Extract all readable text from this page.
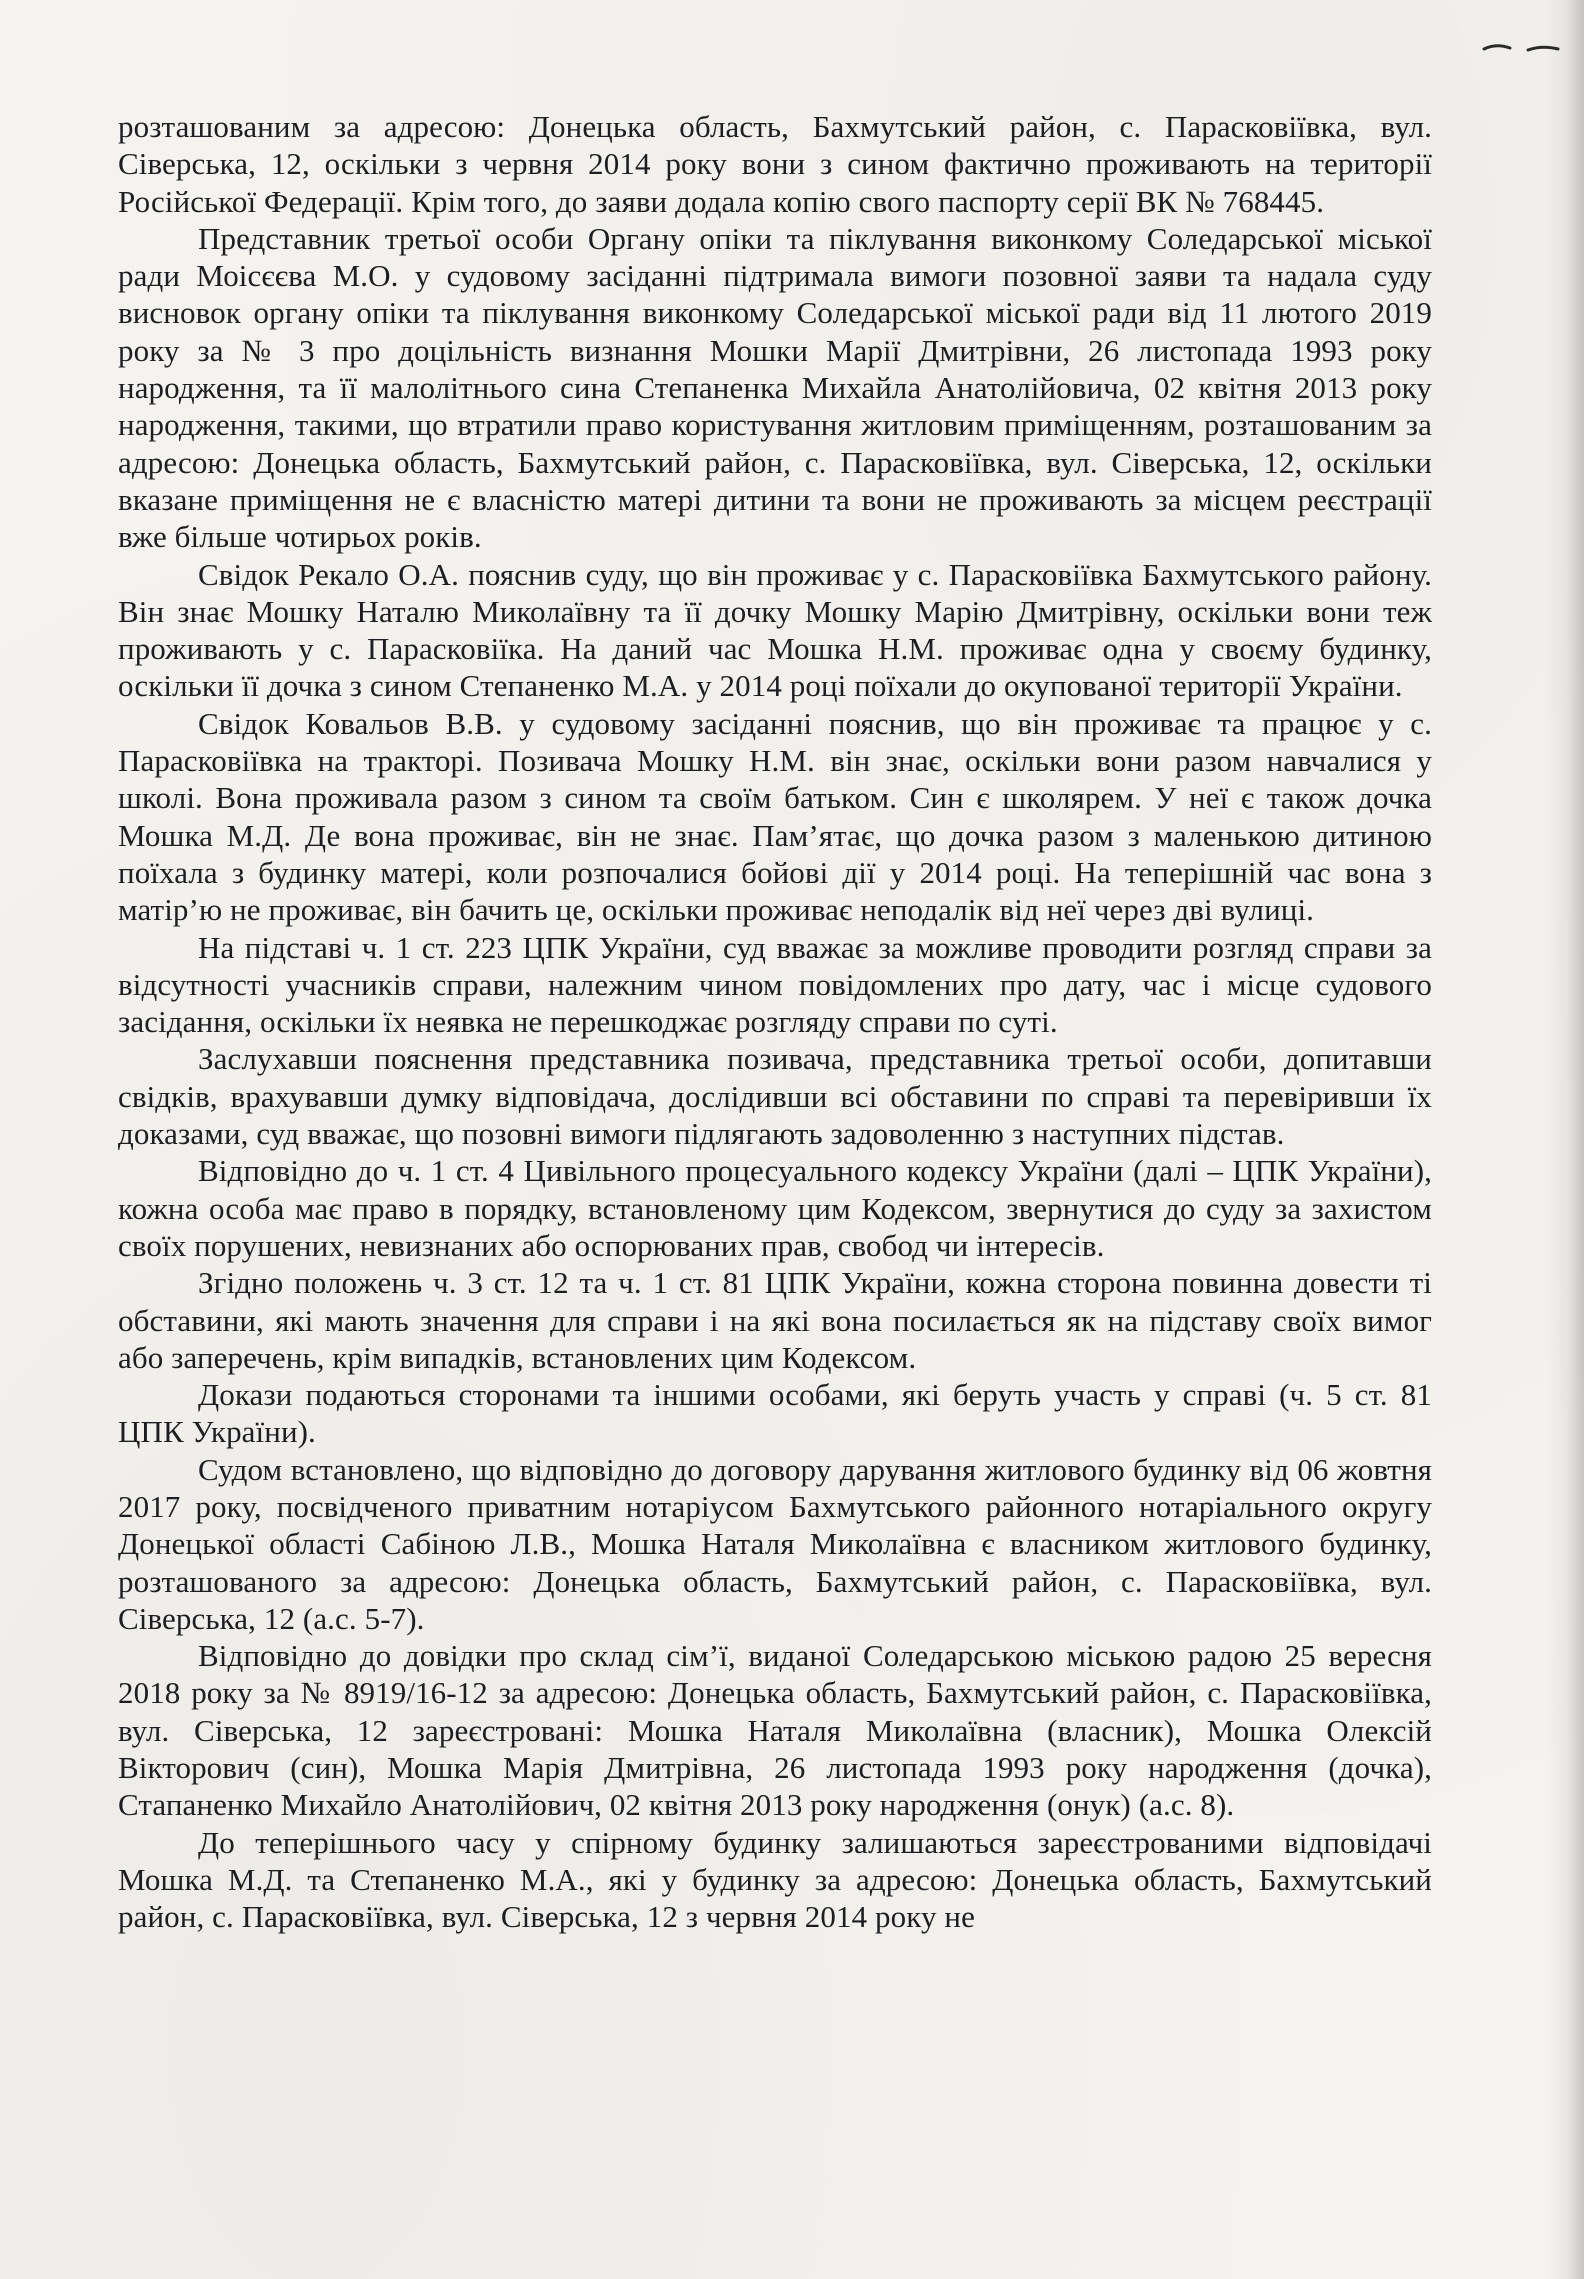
розташованим за адресою: Донецька область, Бахмутський район, с. Парасковіївка, вул. Сіверська, 12, оскільки з червня 2014 року вони з сином фактично проживають на території Російської Федерації. Крім того, до заяви додала копію свого паспорту серії ВК № 768445.

Представник третьої особи Органу опіки та піклування виконкому Соледарської міської ради Моісєєва М.О. у судовому засіданні підтримала вимоги позовної заяви та надала суду висновок органу опіки та піклування виконкому Соледарської міської ради від 11 лютого 2019 року за № 3 про доцільність визнання Мошки Марії Дмитрівни, 26 листопада 1993 року народження, та її малолітнього сина Степаненка Михайла Анатолійовича, 02 квітня 2013 року народження, такими, що втратили право користування житловим приміщенням, розташованим за адресою: Донецька область, Бахмутський район, с. Парасковіївка, вул. Сіверська, 12, оскільки вказане приміщення не є власністю матері дитини та вони не проживають за місцем реєстрації вже більше чотирьох років.

Свідок Рекало О.А. пояснив суду, що він проживає у с. Парасковіївка Бахмутського району. Він знає Мошку Наталю Миколаївну та її дочку Мошку Марію Дмитрівну, оскільки вони теж проживають у с. Парасковіїка. На даний час Мошка Н.М. проживає одна у своєму будинку, оскільки її дочка з сином Степаненко М.А. у 2014 році поїхали до окупованої території України.

Свідок Ковальов В.В. у судовому засіданні пояснив, що він проживає та працює у с. Парасковіївка на тракторі. Позивача Мошку Н.М. він знає, оскільки вони разом навчалися у школі. Вона проживала разом з сином та своїм батьком. Син є школярем. У неї є також дочка Мошка М.Д. Де вона проживає, він не знає. Пам’ятає, що дочка разом з маленькою дитиною поїхала з будинку матері, коли розпочалися бойові дії у 2014 році. На теперішній час вона з матір’ю не проживає, він бачить це, оскільки проживає неподалік від неї через дві вулиці.

На підставі ч. 1 ст. 223 ЦПК України, суд вважає за можливе проводити розгляд справи за відсутності учасників справи, належним чином повідомлених про дату, час і місце судового засідання, оскільки їх неявка не перешкоджає розгляду справи по суті.

Заслухавши пояснення представника позивача, представника третьої особи, допитавши свідків, врахувавши думку відповідача, дослідивши всі обставини по справі та перевіривши їх доказами, суд вважає, що позовні вимоги підлягають задоволенню з наступних підстав.

Відповідно до ч. 1 ст. 4 Цивільного процесуального кодексу України (далі – ЦПК України), кожна особа має право в порядку, встановленому цим Кодексом, звернутися до суду за захистом своїх порушених, невизнаних або оспорюваних прав, свобод чи інтересів.

Згідно положень ч. 3 ст. 12 та ч. 1 ст. 81 ЦПК України, кожна сторона повинна довести ті обставини, які мають значення для справи і на які вона посилається як на підставу своїх вимог або заперечень, крім випадків, встановлених цим Кодексом.

Докази подаються сторонами та іншими особами, які беруть участь у справі (ч. 5 ст. 81 ЦПК України).

Судом встановлено, що відповідно до договору дарування житлового будинку від 06 жовтня 2017 року, посвідченого приватним нотаріусом Бахмутського районного нотаріального округу Донецької області Сабіною Л.В., Мошка Наталя Миколаївна є власником житлового будинку, розташованого за адресою: Донецька область, Бахмутський район, с. Парасковіївка, вул. Сіверська, 12 (а.с. 5-7).

Відповідно до довідки про склад сім’ї, виданої Соледарською міською радою 25 вересня 2018 року за № 8919/16-12 за адресою: Донецька область, Бахмутський район, с. Парасковіївка, вул. Сіверська, 12 зареєстровані: Мошка Наталя Миколаївна (власник), Мошка Олексій Вікторович (син), Мошка Марія Дмитрівна, 26 листопада 1993 року народження (дочка), Стапаненко Михайло Анатолійович, 02 квітня 2013 року народження (онук) (а.с. 8).

До теперішнього часу у спірному будинку залишаються зареєстрованими відповідачі Мошка М.Д. та Степаненко М.А., які у будинку за адресою: Донецька область, Бахмутський район, с. Парасковіївка, вул. Сіверська, 12 з червня 2014 року не
